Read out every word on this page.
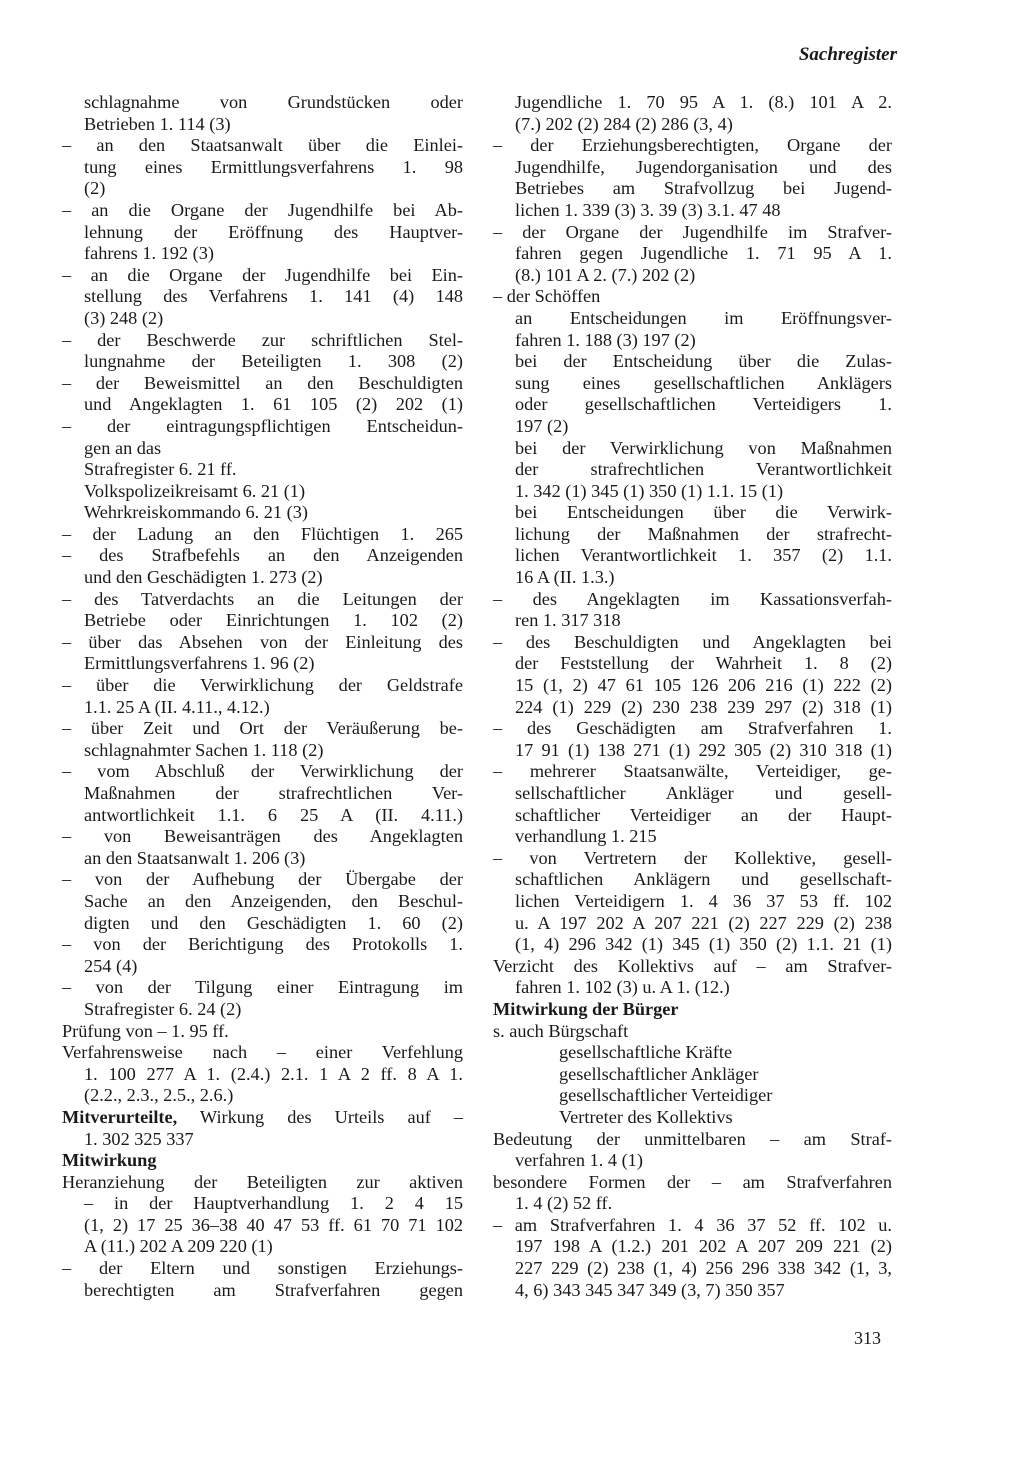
Sachregister
schlagnahme von Grundstücken oder
Betrieben 1. 114 (3)
– an den Staatsanwalt über die Einlei-
tung eines Ermittlungsverfahrens 1. 98
(2)
– an die Organe der Jugendhilfe bei Ab-
lehnung der Eröffnung des Hauptver-
fahrens 1. 192 (3)
– an die Organe der Jugendhilfe bei Ein-
stellung des Verfahrens 1. 141 (4) 148
(3) 248 (2)
– der Beschwerde zur schriftlichen Stel-
lungnahme der Beteiligten 1. 308 (2)
– der Beweismittel an den Beschuldigten
und Angeklagten 1. 61 105 (2) 202 (1)
– der eintragungspflichtigen Entscheidun-
gen an das
Strafregister 6. 21 ff.
Volkspolizeikreisamt 6. 21 (1)
Wehrkreiskommando 6. 21 (3)
– der Ladung an den Flüchtigen 1. 265
– des Strafbefehls an den Anzeigenden
und den Geschädigten 1. 273 (2)
– des Tatverdachts an die Leitungen der
Betriebe oder Einrichtungen 1. 102 (2)
– über das Absehen von der Einleitung des
Ermittlungsverfahrens 1. 96 (2)
– über die Verwirklichung der Geldstrafe
1.1. 25 A (II. 4.11., 4.12.)
– über Zeit und Ort der Veräußerung be-
schlagnahmter Sachen 1. 118 (2)
– vom Abschluß der Verwirklichung der
Maßnahmen der strafrechtlichen Ver-
antwortlichkeit 1.1. 6 25 A (II. 4.11.)
– von Beweisanträgen des Angeklagten
an den Staatsanwalt 1. 206 (3)
– von der Aufhebung der Übergabe der
Sache an den Anzeigenden, den Beschul-
digten und den Geschädigten 1. 60 (2)
– von der Berichtigung des Protokolls 1.
254 (4)
– von der Tilgung einer Eintragung im
Strafregister 6. 24 (2)
Prüfung von – 1. 95 ff.
Verfahrensweise nach – einer Verfehlung
1. 100 277 A 1. (2.4.) 2.1. 1 A 2 ff. 8 A 1.
(2.2., 2.3., 2.5., 2.6.)
Mitverurteilte, Wirkung des Urteils auf –
1. 302 325 337
Mitwirkung
Heranziehung der Beteiligten zur aktiven
– in der Hauptverhandlung 1. 2 4 15
(1, 2) 17 25 36–38 40 47 53 ff. 61 70 71 102
A (11.) 202 A 209 220 (1)
– der Eltern und sonstigen Erziehungs-
berechtigten am Strafverfahren gegen
Jugendliche 1. 70 95 A 1. (8.) 101 A 2.
(7.) 202 (2) 284 (2) 286 (3, 4)
– der Erziehungsberechtigten, Organe der
Jugendhilfe, Jugendorganisation und des
Betriebes am Strafvollzug bei Jugend-
lichen 1. 339 (3) 3. 39 (3) 3.1. 47 48
– der Organe der Jugendhilfe im Strafver-
fahren gegen Jugendliche 1. 71 95 A 1.
(8.) 101 A 2. (7.) 202 (2)
– der Schöffen
an Entscheidungen im Eröffnungsver-
fahren 1. 188 (3) 197 (2)
bei der Entscheidung über die Zulas-
sung eines gesellschaftlichen Anklägers
oder gesellschaftlichen Verteidigers 1.
197 (2)
bei der Verwirklichung von Maßnahmen
der strafrechtlichen Verantwortlichkeit
1. 342 (1) 345 (1) 350 (1) 1.1. 15 (1)
bei Entscheidungen über die Verwirk-
lichung der Maßnahmen der strafrecht-
lichen Verantwortlichkeit 1. 357 (2) 1.1.
16 A (II. 1.3.)
– des Angeklagten im Kassationsverfah-
ren 1. 317 318
– des Beschuldigten und Angeklagten bei
der Feststellung der Wahrheit 1. 8 (2)
15 (1, 2) 47 61 105 126 206 216 (1) 222 (2)
224 (1) 229 (2) 230 238 239 297 (2) 318 (1)
– des Geschädigten am Strafverfahren 1.
17 91 (1) 138 271 (1) 292 305 (2) 310 318 (1)
– mehrerer Staatsanwälte, Verteidiger, ge-
sellschaftlicher Ankläger und gesell-
schaftlicher Verteidiger an der Haupt-
verhandlung 1. 215
– von Vertretern der Kollektive, gesell-
schaftlichen Anklägern und gesellschaft-
lichen Verteidigern 1. 4 36 37 53 ff. 102
u. A 197 202 A 207 221 (2) 227 229 (2) 238
(1, 4) 296 342 (1) 345 (1) 350 (2) 1.1. 21 (1)
Verzicht des Kollektivs auf – am Strafver-
fahren 1. 102 (3) u. A 1. (12.)
Mitwirkung der Bürger
s. auch Bürgschaft
gesellschaftliche Kräfte
gesellschaftlicher Ankläger
gesellschaftlicher Verteidiger
Vertreter des Kollektivs
Bedeutung der unmittelbaren – am Straf-
verfahren 1. 4 (1)
besondere Formen der – am Strafverfahren
1. 4 (2) 52 ff.
– am Strafverfahren 1. 4 36 37 52 ff. 102 u.
197 198 A (1.2.) 201 202 A 207 209 221 (2)
227 229 (2) 238 (1, 4) 256 296 338 342 (1, 3,
4, 6) 343 345 347 349 (3, 7) 350 357
313
